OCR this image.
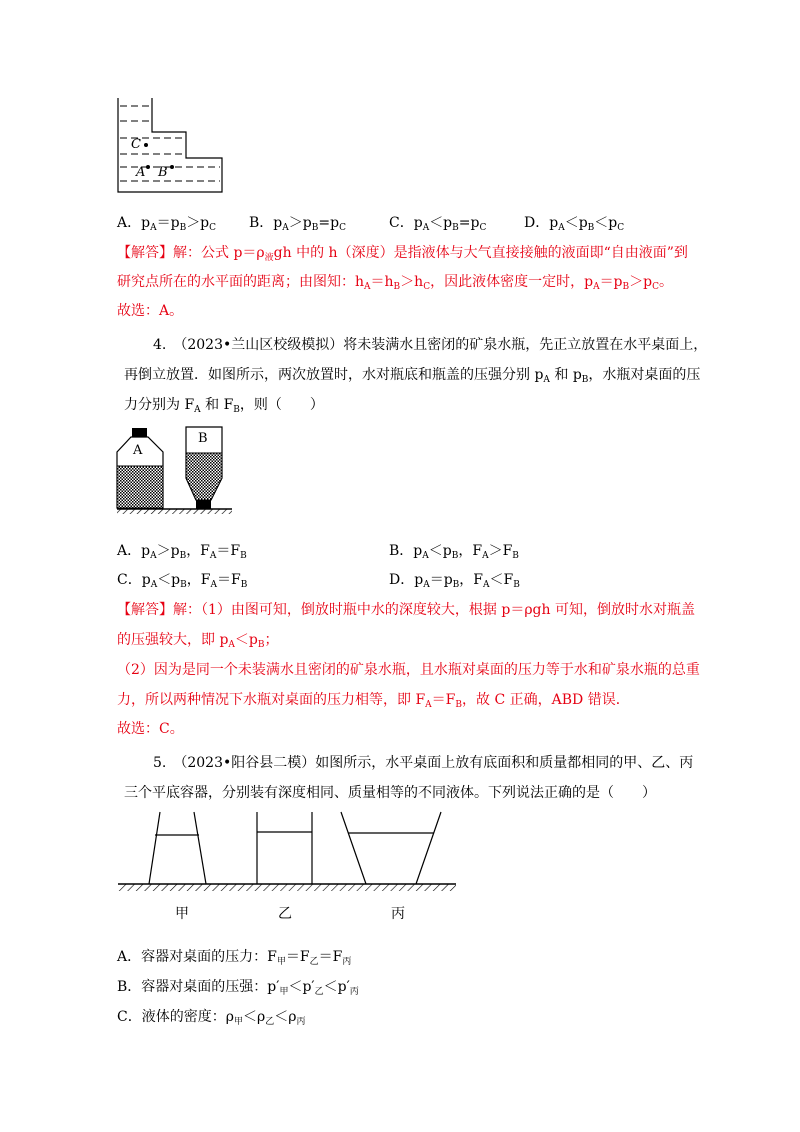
C
A B
A．$p_A=p_B>p_C$ B．$p_A>p_B=p_C$	C．$p_A<p_B=p_C$	D．$p_A<p_B<p_C$
【解答】解：公式 $p=\rho_液gh$ 中的 h（深度）是指液体与大气直接接触的液面即“自由液面”到
研究点所在的水平面的距离；由图知：$h_A=h_B>h_C$，因此液体密度一定时，$p_A=p_B>p_C$。
故选：A。
4.　（2023•兰山区校级模拟）将未装满水且密闭的矿泉水瓶，先正立放置在水平桌面上，
再倒立放置．如图所示，两次放置时，水对瓶底和瓶盖的压强分别 $p_A$ 和 $p_B$，水瓶对桌面的压
力分别为 $F_A$ 和 $F_B$，则（　　）
A
B
A．$p_A>p_B$，$F_A=F_B$	B．$p_A<p_B$，$F_A>F_B$
C．$p_A<p_B$，$F_A=F_B$	D．$p_A=p_B$，$F_A<F_B$
【解答】解：（1）由图可知，倒放时瓶中水的深度较大，根据 p＝ρgh 可知，倒放时水对瓶盖
的压强较大，即 $p_A<p_B$；
（2）因为是同一个未装满水且密闭的矿泉水瓶，且水瓶对桌面的压力等于水和矿泉水瓶的总重
力，所以两种情况下水瓶对桌面的压力相等，即 $F_A=F_B$，故 C 正确，ABD 错误．
故选：C。
5.　（2023•阳谷县二模）如图所示，水平桌面上放有底面积和质量都相同的甲、乙、丙
三个平底容器，分别装有深度相同、质量相等的不同液体。下列说法正确的是（　　）
甲	乙	丙
A．容器对桌面的压力：$F_甲=F_乙=F_丙$
B．容器对桌面的压强：$p'_甲<p'_乙<p'_丙$
C．液体的密度：$\rho_甲<\rho_乙<\rho_丙$
